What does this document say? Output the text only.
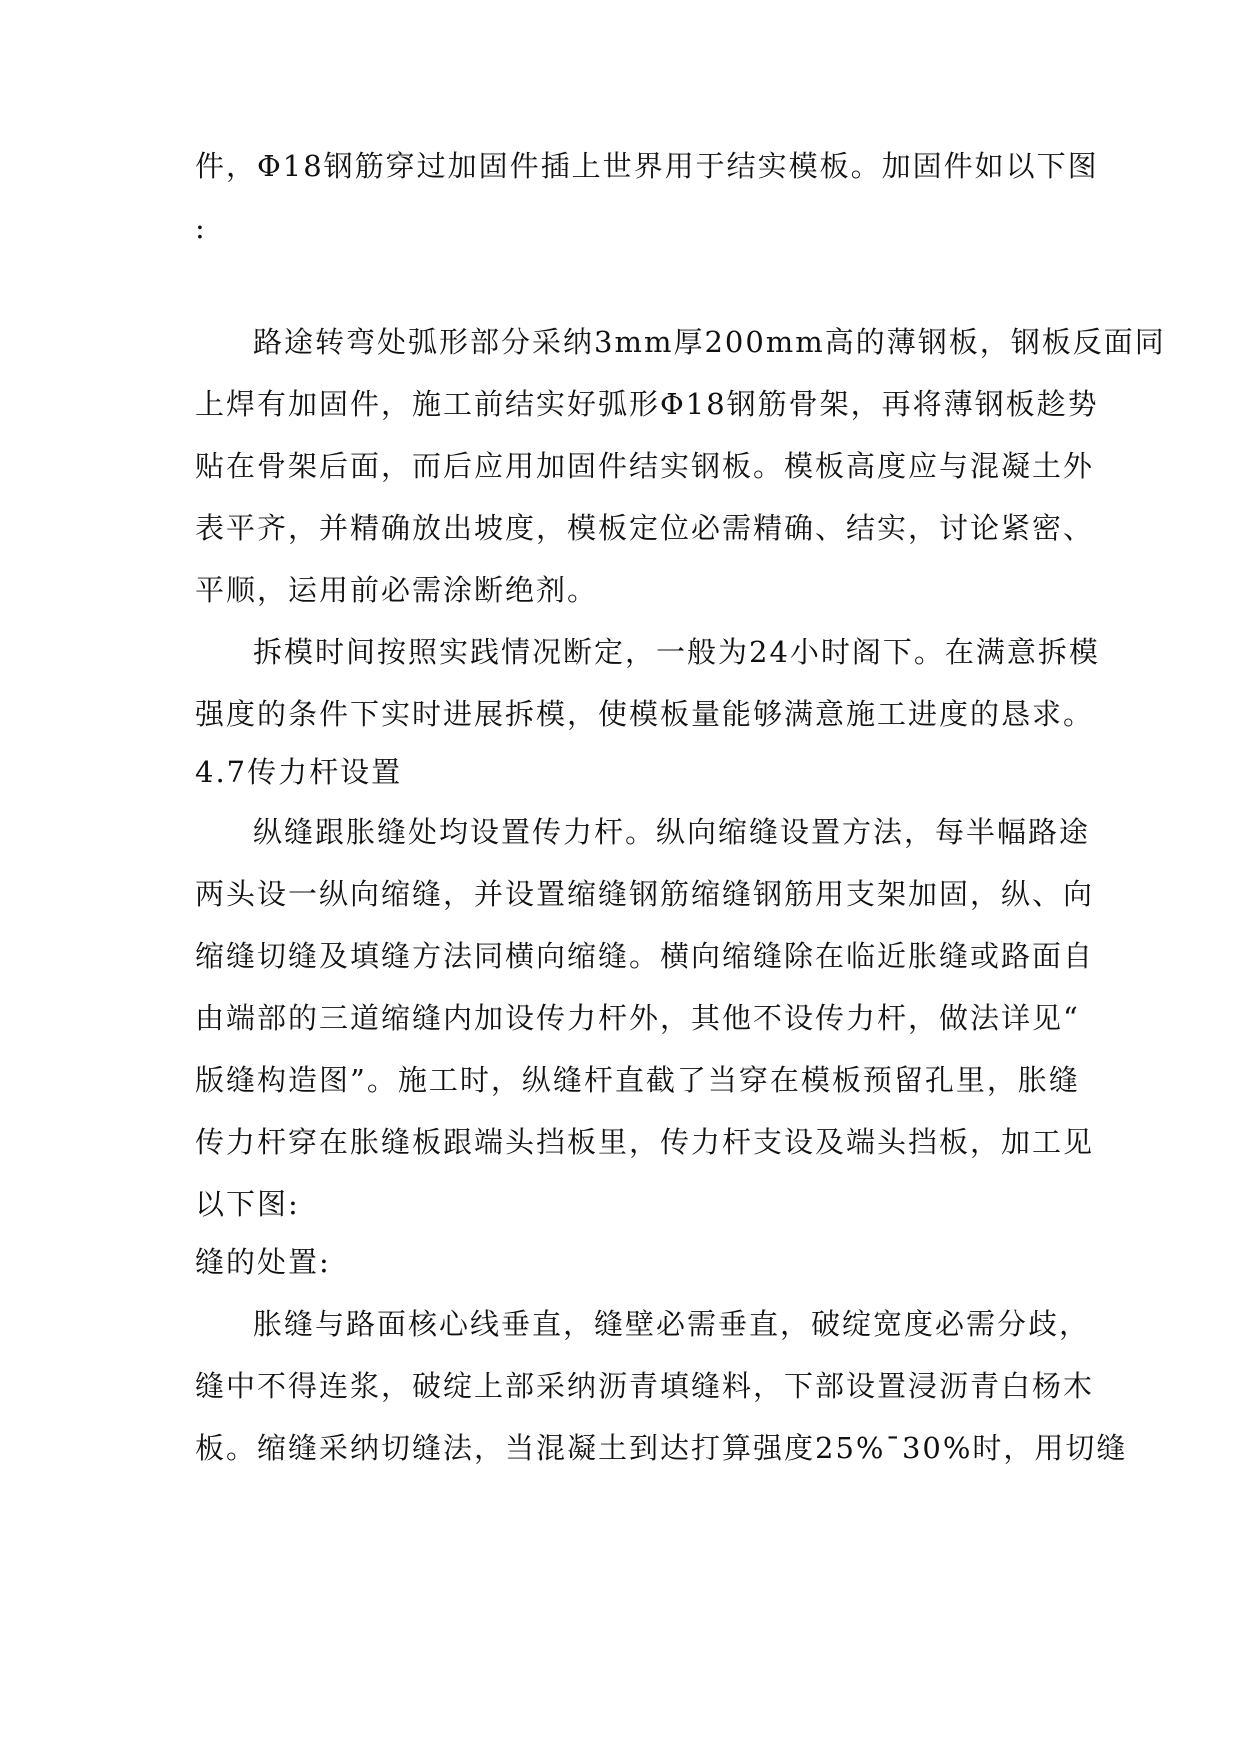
件，Φ18钢筋穿过加固件插上世界用于结实模板。加固件如以下图
:
路途转弯处弧形部分采纳3mm厚200mm高的薄钢板，钢板反面同
上焊有加固件，施工前结实好弧形Φ18钢筋骨架，再将薄钢板趁势
贴在骨架后面，而后应用加固件结实钢板。模板高度应与混凝土外
表平齐，并精确放出坡度，模板定位必需精确、结实，讨论紧密、
平顺，运用前必需涂断绝剂。
拆模时间按照实践情况断定，一般为24小时阁下。在满意拆模
强度的条件下实时进展拆模，使模板量能够满意施工进度的恳求。
4.7传力杆设置
纵缝跟胀缝处均设置传力杆。纵向缩缝设置方法，每半幅路途
两头设一纵向缩缝，并设置缩缝钢筋缩缝钢筋用支架加固，纵、向
缩缝切缝及填缝方法同横向缩缝。横向缩缝除在临近胀缝或路面自
由端部的三道缩缝内加设传力杆外，其他不设传力杆，做法详见“
版缝构造图”。施工时，纵缝杆直截了当穿在模板预留孔里，胀缝
传力杆穿在胀缝板跟端头挡板里，传力杆支设及端头挡板，加工见
以下图:
缝的处置:
胀缝与路面核心线垂直，缝壁必需垂直，破绽宽度必需分歧，
缝中不得连浆，破绽上部采纳沥青填缝料，下部设置浸沥青白杨木
板。缩缝采纳切缝法，当混凝土到达打算强度25%¯30%时，用切缝
